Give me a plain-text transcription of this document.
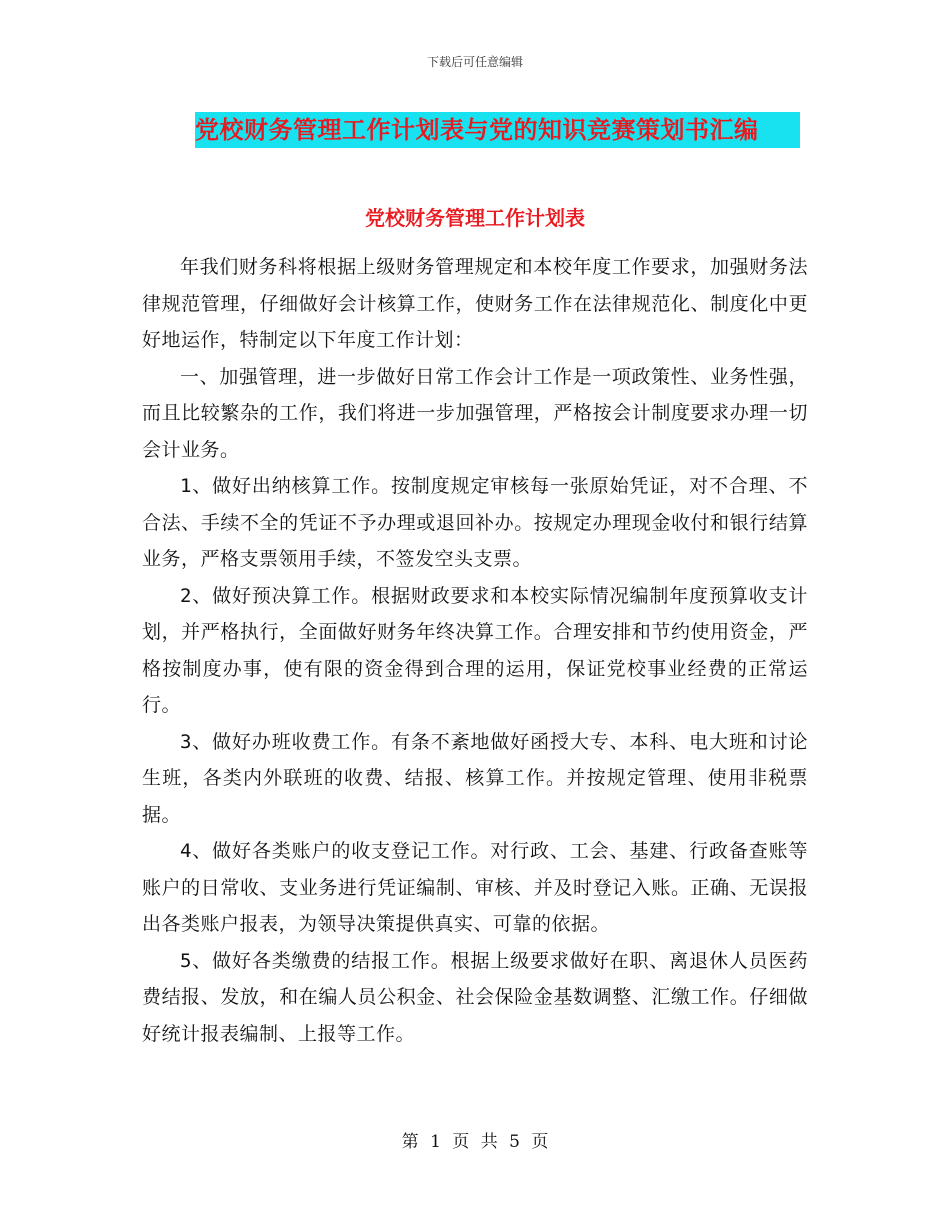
下载后可任意编辑
党校财务管理工作计划表与党的知识竞赛策划书汇编
党校财务管理工作计划表

年我们财务科将根据上级财务管理规定和本校年度工作要求，加强财务法律规范管理，仔细做好会计核算工作，使财务工作在法律规范化、制度化中更好地运作，特制定以下年度工作计划：

一、加强管理，进一步做好日常工作会计工作是一项政策性、业务性强，而且比较繁杂的工作，我们将进一步加强管理，严格按会计制度要求办理一切会计业务。

1、做好出纳核算工作。按制度规定审核每一张原始凭证，对不合理、不合法、手续不全的凭证不予办理或退回补办。按规定办理现金收付和银行结算业务，严格支票领用手续，不签发空头支票。

2、做好预决算工作。根据财政要求和本校实际情况编制年度预算收支计划，并严格执行，全面做好财务年终决算工作。合理安排和节约使用资金，严格按制度办事，使有限的资金得到合理的运用，保证党校事业经费的正常运行。

3、做好办班收费工作。有条不紊地做好函授大专、本科、电大班和讨论生班，各类内外联班的收费、结报、核算工作。并按规定管理、使用非税票据。

4、做好各类账户的收支登记工作。对行政、工会、基建、行政备查账等账户的日常收、支业务进行凭证编制、审核、并及时登记入账。正确、无误报出各类账户报表，为领导决策提供真实、可靠的依据。

5、做好各类缴费的结报工作。根据上级要求做好在职、离退休人员医药费结报、发放，和在编人员公积金、社会保险金基数调整、汇缴工作。仔细做好统计报表编制、上报等工作。

第 1 页 共 5 页
